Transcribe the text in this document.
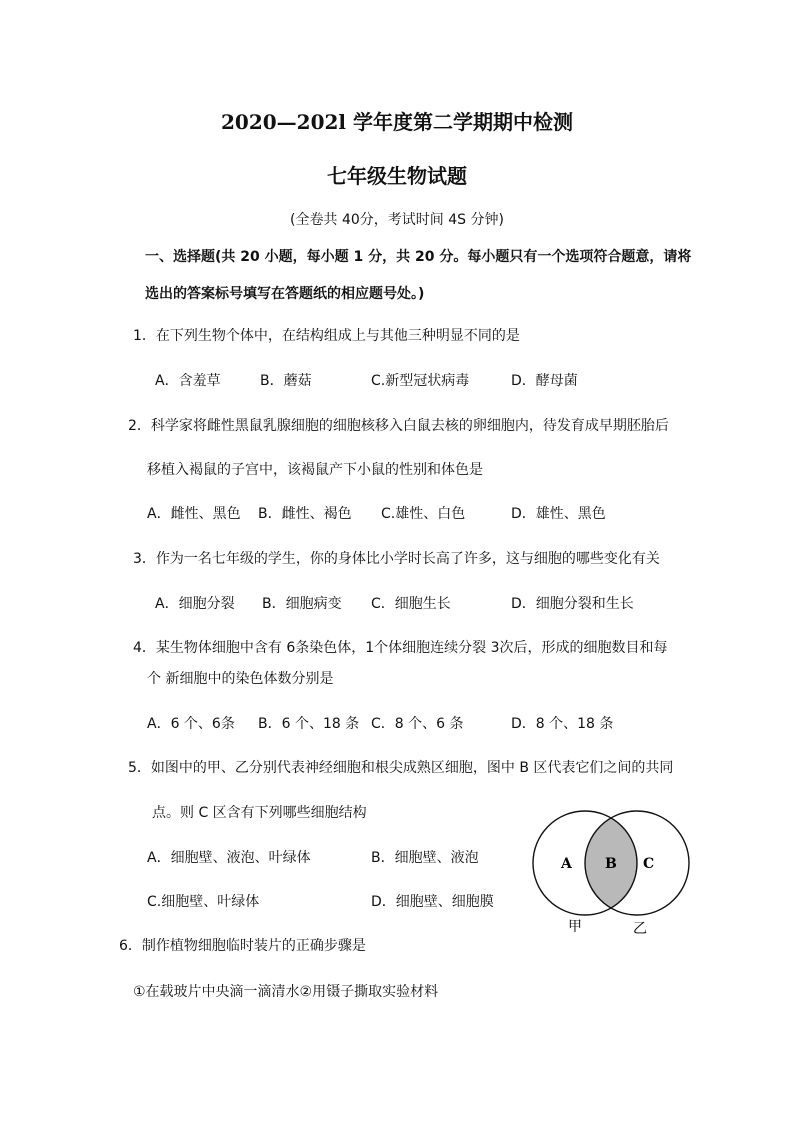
2020—202l 学年度第二学期期中检测
七年级生物试题
(全卷共 40分，考试时间 4S 分钟)
一、选择题(共 20 小题，每小题 1 分，共 20 分。每小题只有一个选项符合题意，请将
选出的答案标号填写在答题纸的相应题号处。)
1．在下列生物个体中，在结构组成上与其他三种明显不同的是
A．含羞草	B．蘑菇	C.新型冠状病毒	D．酵母菌
2．科学家将雌性黑鼠乳腺细胞的细胞核移入白鼠去核的卵细胞内，待发育成早期胚胎后
移植入褐鼠的子宫中，该褐鼠产下小鼠的性别和体色是
A．雌性、黑色 B．雌性、褐色 C.雄性、白色	D．雄性、黑色
3．作为一名七年级的学生，你的身体比小学时长高了许多，这与细胞的哪些变化有关
A．细胞分裂 B．细胞病变 C．细胞生长	D．细胞分裂和生长
4．某生物体细胞中含有 6条染色体，1个体细胞连续分裂 3次后，形成的细胞数目和每
个 新细胞中的染色体数分别是
A．6 个、6条 B．6 个、18 条 C．8 个、6 条	D．8 个、18 条
5．如图中的甲、乙分别代表神经细胞和根尖成熟区细胞，图中 B 区代表它们之间的共同
点。则 C 区含有下列哪些细胞结构
A．细胞壁、液泡、叶绿体	B．细胞壁、液泡
C.细胞壁、叶绿体	D．细胞壁、细胞膜
A B C
甲	乙
6．制作植物细胞临时装片的正确步骤是
①在载玻片中央滴一滴清水②用镊子撕取实验材料
